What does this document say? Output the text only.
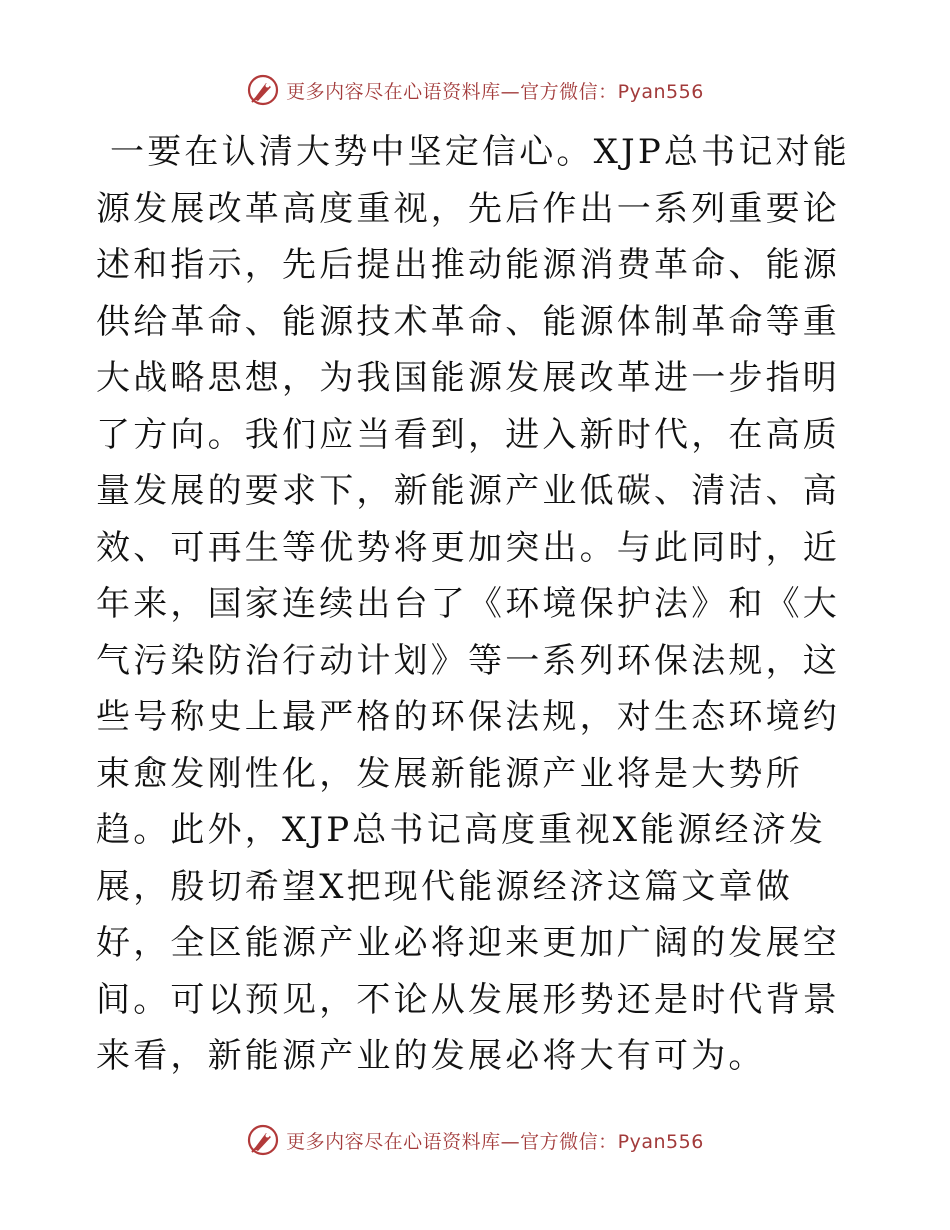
更多内容尽在心语资料库—官方微信：Pyan556

一要在认清大势中坚定信心。XJP总书记对能源发展改革高度重视，先后作出一系列重要论述和指示，先后提出推动能源消费革命、能源供给革命、能源技术革命、能源体制革命等重大战略思想，为我国能源发展改革进一步指明了方向。我们应当看到，进入新时代，在高质量发展的要求下，新能源产业低碳、清洁、高效、可再生等优势将更加突出。与此同时，近年来，国家连续出台了《环境保护法》和《大气污染防治行动计划》等一系列环保法规，这些号称史上最严格的环保法规，对生态环境约束愈发刚性化，发展新能源产业将是大势所趋。此外，XJP总书记高度重视X能源经济发展，殷切希望X把现代能源经济这篇文章做好，全区能源产业必将迎来更加广阔的发展空间。可以预见，不论从发展形势还是时代背景来看，新能源产业的发展必将大有可为。

更多内容尽在心语资料库—官方微信：Pyan556
